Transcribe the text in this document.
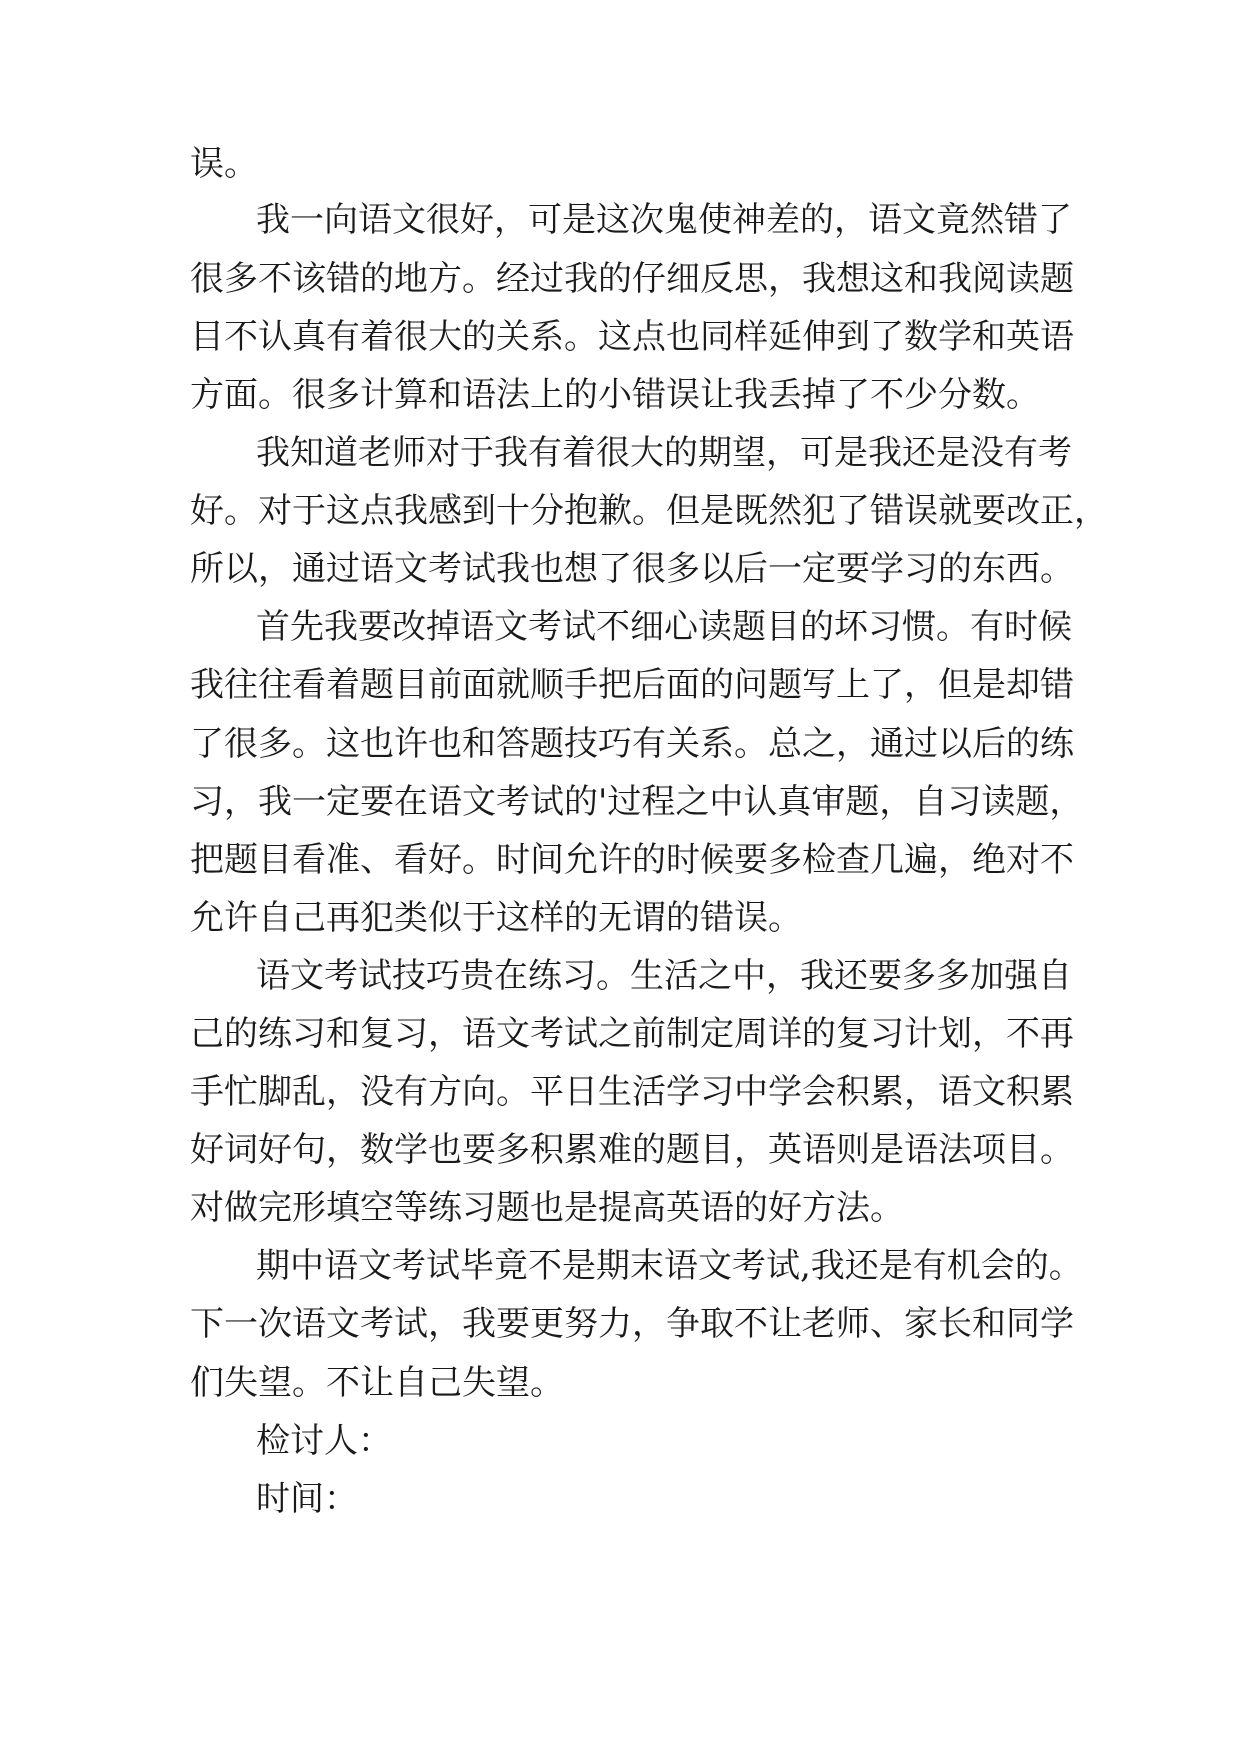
误。
我一向语文很好，可是这次鬼使神差的，语文竟然错了
很多不该错的地方。经过我的仔细反思，我想这和我阅读题
目不认真有着很大的关系。这点也同样延伸到了数学和英语
方面。很多计算和语法上的小错误让我丢掉了不少分数。
我知道老师对于我有着很大的期望，可是我还是没有考
好。对于这点我感到十分抱歉。但是既然犯了错误就要改正，
所以，通过语文考试我也想了很多以后一定要学习的东西。
首先我要改掉语文考试不细心读题目的坏习惯。有时候
我往往看着题目前面就顺手把后面的问题写上了，但是却错
了很多。这也许也和答题技巧有关系。总之，通过以后的练
习，我一定要在语文考试的'过程之中认真审题，自习读题，
把题目看准、看好。时间允许的时候要多检查几遍，绝对不
允许自己再犯类似于这样的无谓的错误。
语文考试技巧贵在练习。生活之中，我还要多多加强自
己的练习和复习，语文考试之前制定周详的复习计划，不再
手忙脚乱，没有方向。平日生活学习中学会积累，语文积累
好词好句，数学也要多积累难的题目，英语则是语法项目。
对做完形填空等练习题也是提高英语的好方法。
期中语文考试毕竟不是期末语文考试,我还是有机会的。
下一次语文考试，我要更努力，争取不让老师、家长和同学
们失望。不让自己失望。
检讨人：
时间：
